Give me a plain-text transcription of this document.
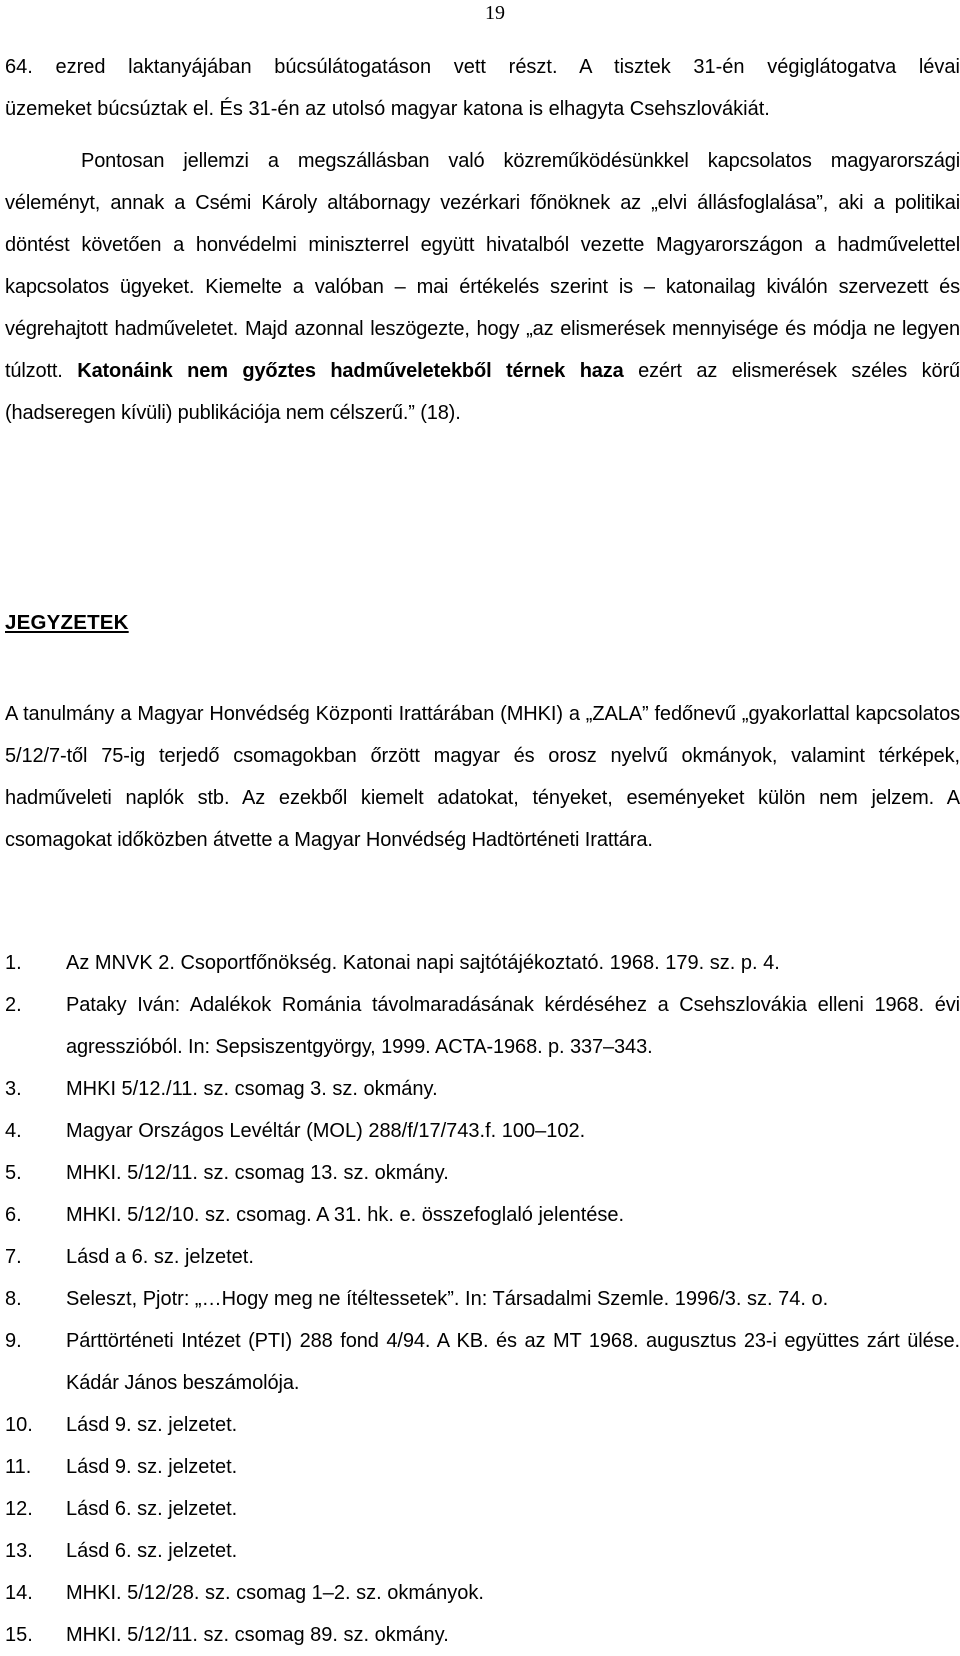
19

64. ezred laktanyájában búcsúlátogatáson vett részt. A tisztek 31-én végiglátogatva lévai
üzemeket búcsúztak el. És 31-én az utolsó magyar katona is elhagyta Csehszlovákiát.

Pontosan jellemzi a megszállásban való közreműködésünkkel kapcsolatos magyarországi véleményt, annak a Csémi Károly altábornagy vezérkari főnöknek az „elvi állásfoglalása”, aki a politikai döntést követően a honvédelmi miniszterrel együtt hivatalból vezette Magyarországon a hadművelettel kapcsolatos ügyeket. Kiemelte a valóban – mai értékelés szerint is – katonailag kiválón szervezett és végrehajtott hadműveletet. Majd azonnal leszögezte, hogy „az elismerések mennyisége és módja ne legyen túlzott. Katonáink nem győztes hadműveletekből térnek haza ezért az elismerések széles körű (hadseregen kívüli) publikációja nem célszerű.” (18).

JEGYZETEK

A tanulmány a Magyar Honvédség Központi Irattárában (MHKI) a „ZALA” fedőnevű „gyakorlattal kapcsolatos 5/12/7-től 75-ig terjedő csomagokban őrzött magyar és orosz nyelvű okmányok, valamint térképek, hadműveleti naplók stb. Az ezekből kiemelt adatokat, tényeket, eseményeket külön nem jelzem. A csomagokat időközben átvette a Magyar Honvédség Hadtörténeti Irattára.

1.	Az MNVK 2. Csoportfőnökség. Katonai napi sajtótájékoztató. 1968. 179. sz. p. 4.
2.	Pataky Iván: Adalékok Románia távolmaradásának kérdéséhez a Csehszlovákia elleni 1968. évi agresszióból. In: Sepsiszentgyörgy, 1999. ACTA-1968. p. 337–343.
3.	MHKI 5/12./11. sz. csomag 3. sz. okmány.
4.	Magyar Országos Levéltár (MOL) 288/f/17/743.f. 100–102.
5.	MHKI. 5/12/11. sz. csomag 13. sz. okmány.
6.	MHKI. 5/12/10. sz. csomag. A 31. hk. e. összefoglaló jelentése.
7.	Lásd a 6. sz. jelzetet.
8.	Seleszt, Pjotr: „…Hogy meg ne ítéltessetek”. In: Társadalmi Szemle. 1996/3. sz. 74. o.
9.	Párttörténeti Intézet (PTI) 288 fond 4/94. A KB. és az MT 1968. augusztus 23-i együttes zárt ülése. Kádár János beszámolója.
10.	Lásd 9. sz. jelzetet.
11.	Lásd 9. sz. jelzetet.
12.	Lásd 6. sz. jelzetet.
13.	Lásd 6. sz. jelzetet.
14.	MHKI. 5/12/28. sz. csomag 1–2. sz. okmányok.
15.	MHKI. 5/12/11. sz. csomag 89. sz. okmány.
